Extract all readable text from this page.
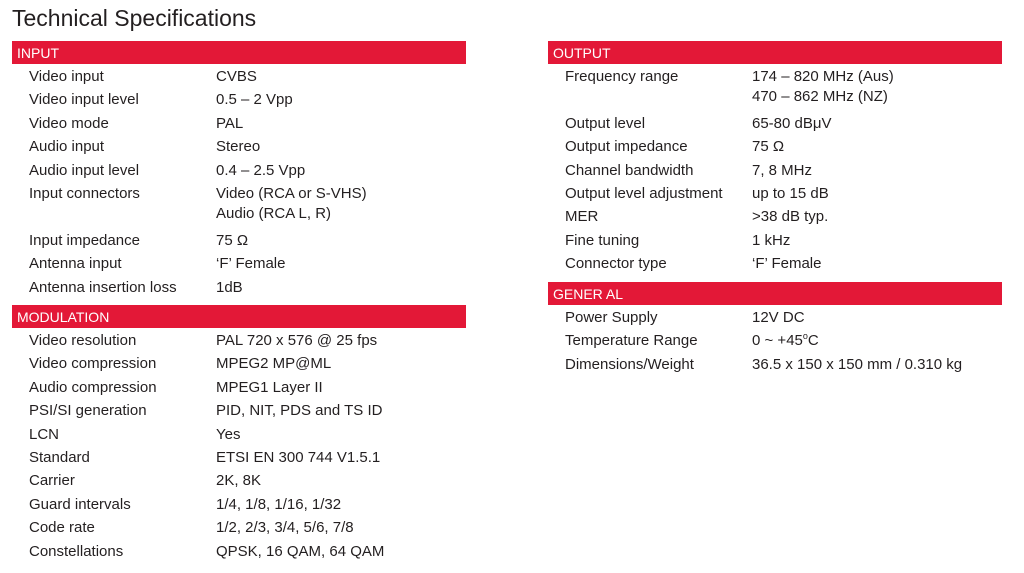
Technical Specifications
INPUT
Video input	CVBS
Video input level	0.5 – 2 Vpp
Video mode	PAL
Audio input	Stereo
Audio input level	0.4 – 2.5 Vpp
Input connectors	Video (RCA or S-VHS)
Audio (RCA L, R)
Input impedance	75 Ω
Antenna input	‘F’ Female
Antenna insertion loss	1dB
MODULATION
Video resolution	PAL 720 x 576 @ 25 fps
Video compression	MPEG2 MP@ML
Audio compression	MPEG1 Layer II
PSI/SI generation	PID, NIT, PDS and TS ID
LCN	Yes
Standard	ETSI EN 300 744 V1.5.1
Carrier	2K, 8K
Guard intervals	1/4, 1/8, 1/16, 1/32
Code rate	1/2, 2/3, 3/4, 5/6, 7/8
Constellations	QPSK, 16 QAM, 64 QAM
OUTPUT
Frequency range	174 – 820 MHz (Aus)
470 – 862 MHz (NZ)
Output level	65-80 dBμV
Output impedance	75 Ω
Channel bandwidth	7, 8 MHz
Output level adjustment	up to 15 dB
MER	>38 dB typ.
Fine tuning	1 kHz
Connector type	‘F’ Female
GENER AL
Power Supply	12V DC
Temperature Range	0 ~ $+45^oC$
Dimensions/Weight	36.5 x 150 x 150 mm / 0.310 kg
